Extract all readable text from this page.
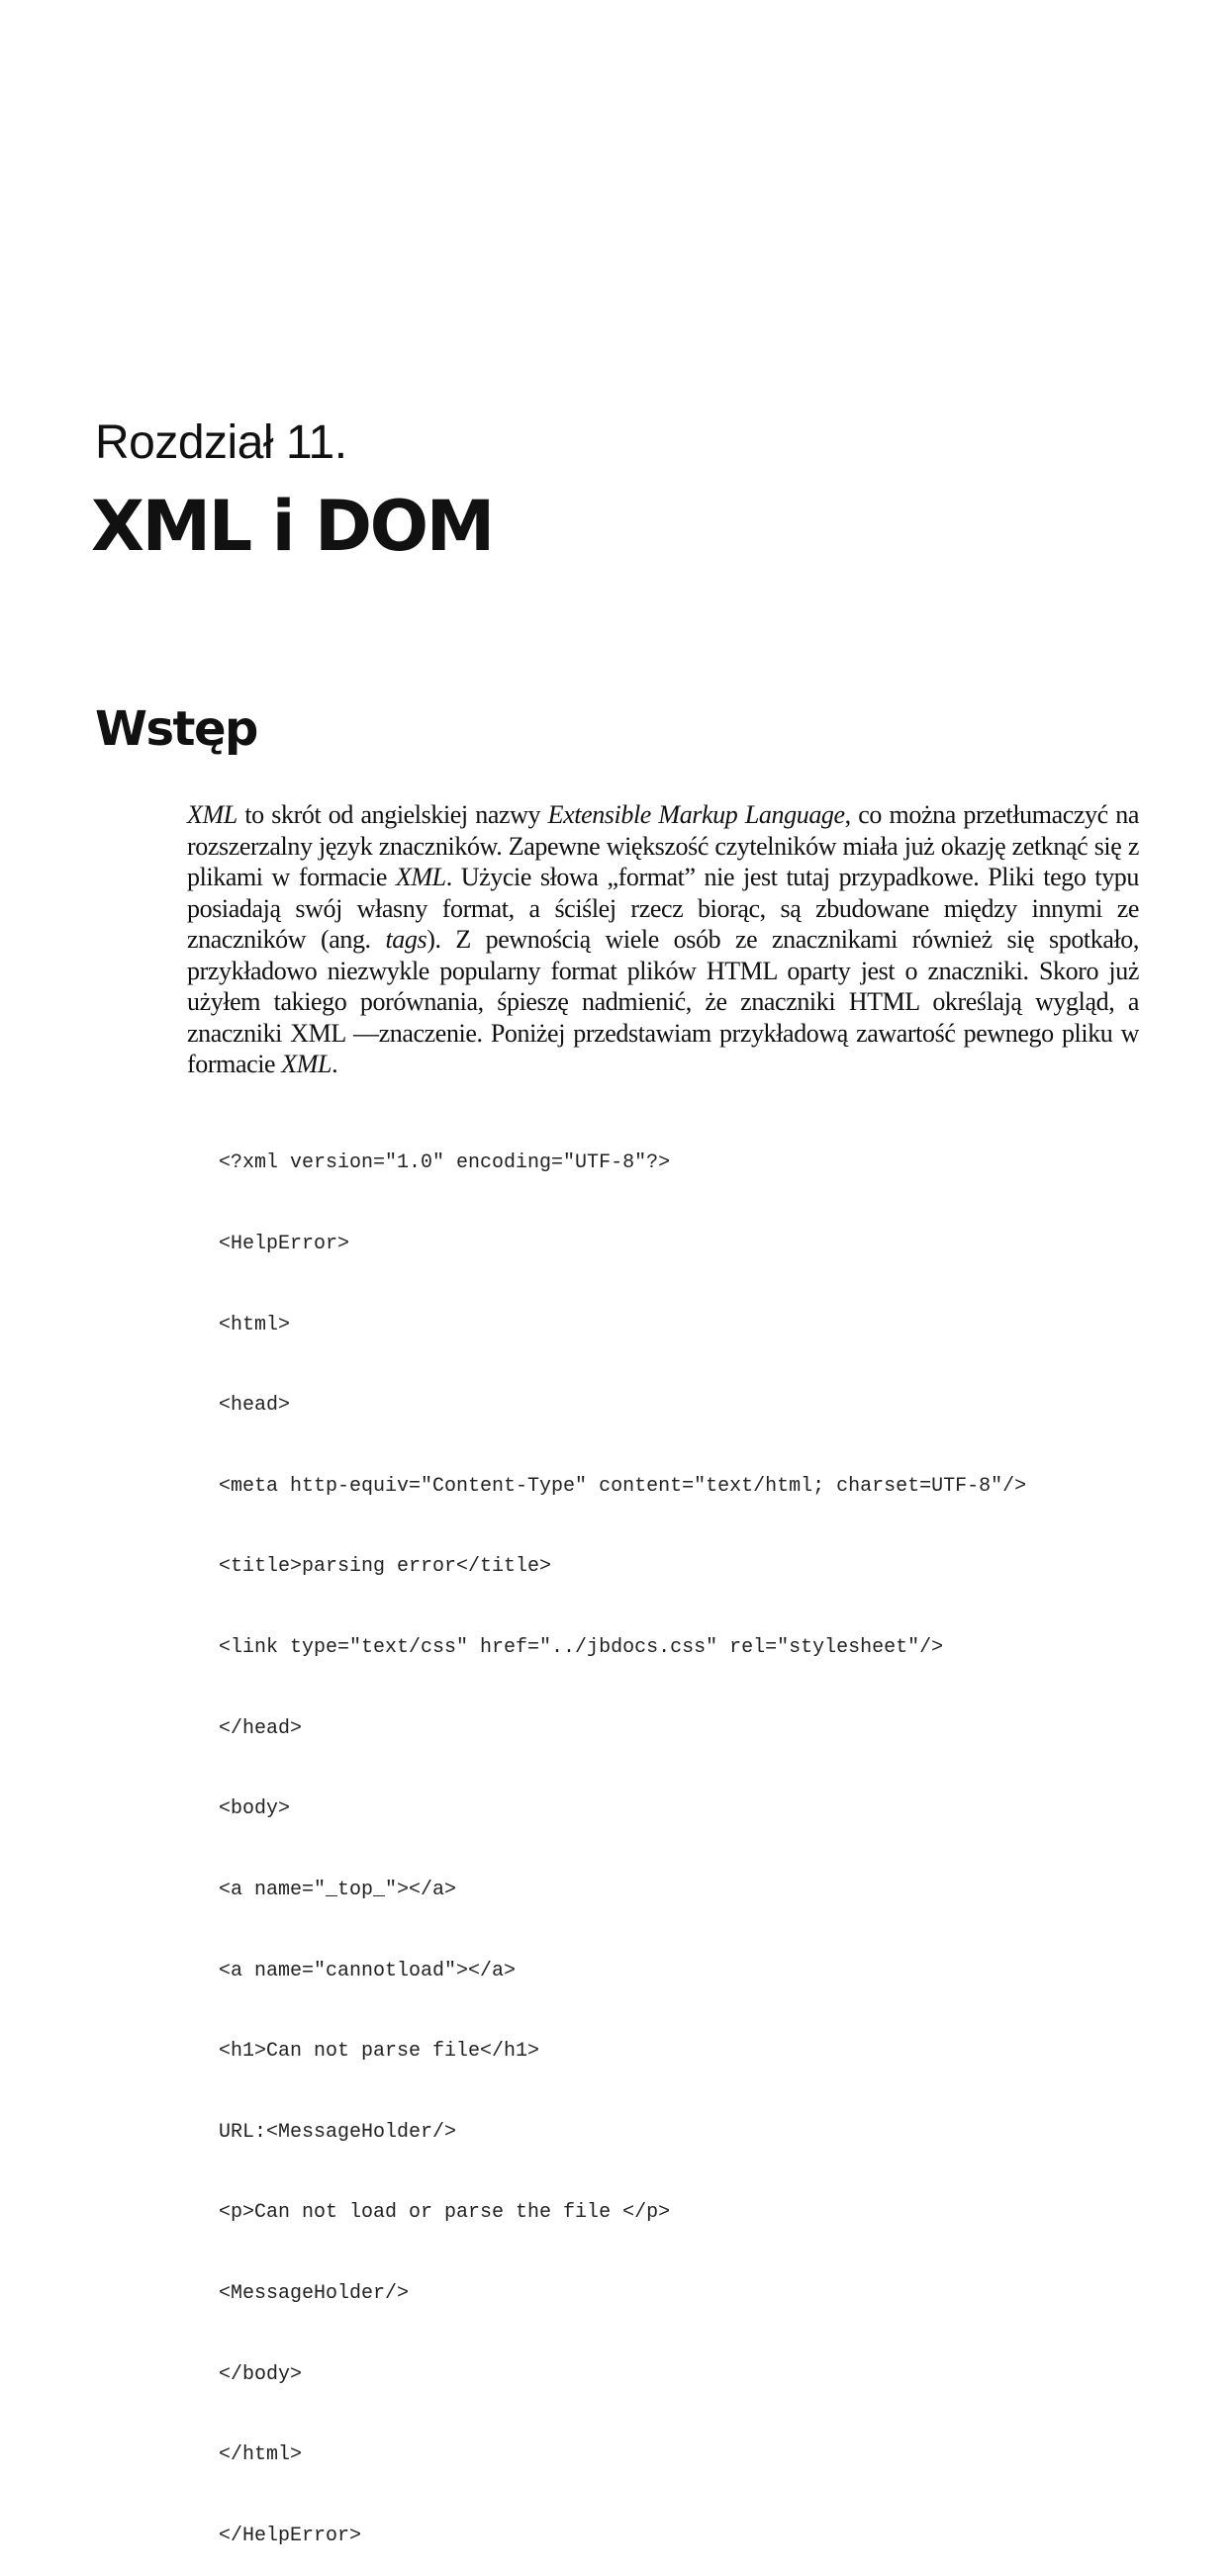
Rozdział 11.
XML i DOM
Wstęp

XML to skrót od angielskiej nazwy Extensible Markup Language, co można przetłumaczyć na rozszerzalny język znaczników. Zapewne większość czytelników miała już okazję zetknąć się z plikami w formacie XML. Użycie słowa „format” nie jest tutaj przypadkowe. Pliki tego typu posiadają swój własny format, a ściślej rzecz biorąc, są zbudowane między innymi ze znaczników (ang. tags). Z pewnością wiele osób ze znacznikami również się spotkało, przykładowo niezwykle popularny format plików HTML oparty jest o znaczniki. Skoro już użyłem takiego porównania, śpieszę nadmienić, że znaczniki HTML określają wygląd, a znaczniki XML —znaczenie. Poniżej przedstawiam przykładową zawartość pewnego pliku w formacie XML.

<?xml version="1.0" encoding="UTF-8"?>

<HelpError>

<html>

<head>

<meta http-equiv="Content-Type" content="text/html; charset=UTF-8"/>

<title>parsing error</title>

<link type="text/css" href="../jbdocs.css" rel="stylesheet"/>

</head>

<body>

<a name="_top_"></a>

<a name="cannotload"></a>

<h1>Can not parse file</h1>

URL:<MessageHolder/>

<p>Can not load or parse the file </p>

<MessageHolder/>

</body>

</html>

</HelpError>
